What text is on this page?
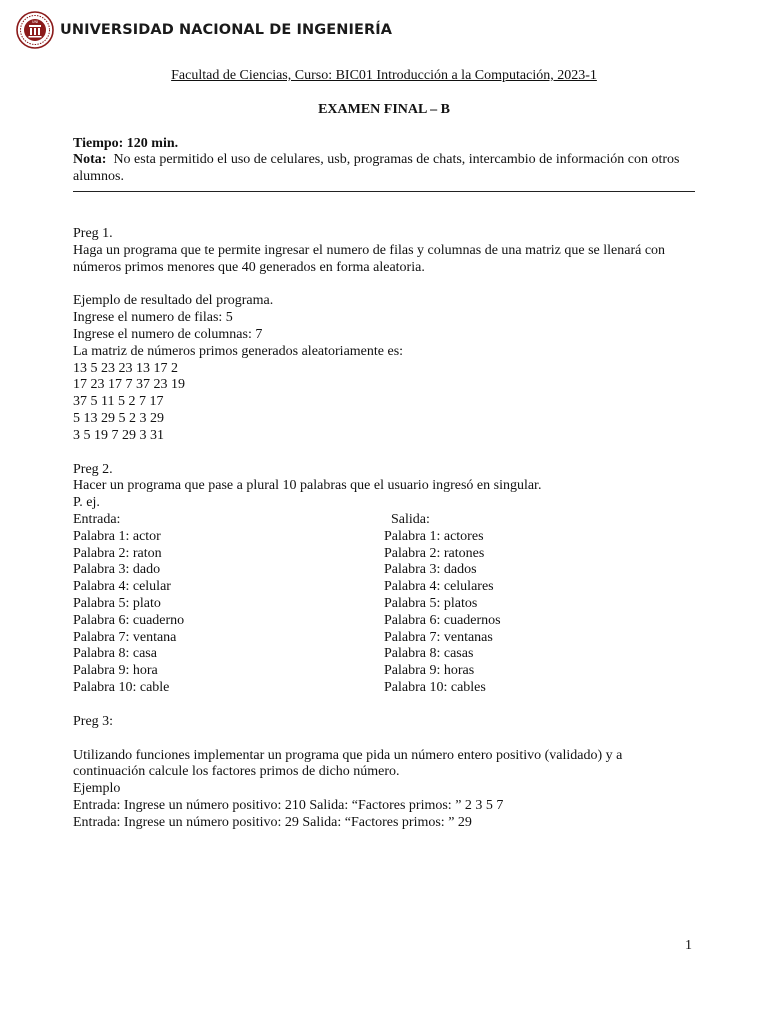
UNI UNIVERSIDAD NACIONAL DE INGENIERÍA
Facultad de Ciencias, Curso: BIC01 Introducción a la Computación, 2023-1
EXAMEN FINAL – B
Tiempo: 120 min.
Nota: No esta permitido el uso de celulares, usb, programas de chats, intercambio de información con otros alumnos.
Preg 1.
Haga un programa que te permite ingresar el numero de filas y columnas de una matriz que se llenará con números primos menores que 40 generados en forma aleatoria.
Ejemplo de resultado del programa.
Ingrese el numero de filas: 5
Ingrese el numero de columnas: 7
La matriz de números primos generados aleatoriamente es:
13 5 23 23 13 17 2
17 23 17 7 37 23 19
37 5 11 5 2 7 17
5 13 29 5 2 3 29
3 5 19 7 29 3 31
Preg 2.
Hacer un programa que pase a plural 10 palabras que el usuario ingresó en singular.
P. ej.
Entrada:
Palabra 1: actor
Palabra 2: raton
Palabra 3: dado
Palabra 4: celular
Palabra 5: plato
Palabra 6: cuaderno
Palabra 7: ventana
Palabra 8: casa
Palabra 9: hora
Palabra 10: cable
Salida:
Palabra 1: actores
Palabra 2: ratones
Palabra 3: dados
Palabra 4: celulares
Palabra 5: platos
Palabra 6: cuadernos
Palabra 7: ventanas
Palabra 8: casas
Palabra 9: horas
Palabra 10: cables
Preg 3:
Utilizando funciones implementar un programa que pida un número entero positivo (validado) y a continuación calcule los factores primos de dicho número.
Ejemplo
Entrada: Ingrese un número positivo: 210 Salida: “Factores primos: ” 2 3 5 7
Entrada: Ingrese un número positivo: 29 Salida: “Factores primos: ” 29
1
